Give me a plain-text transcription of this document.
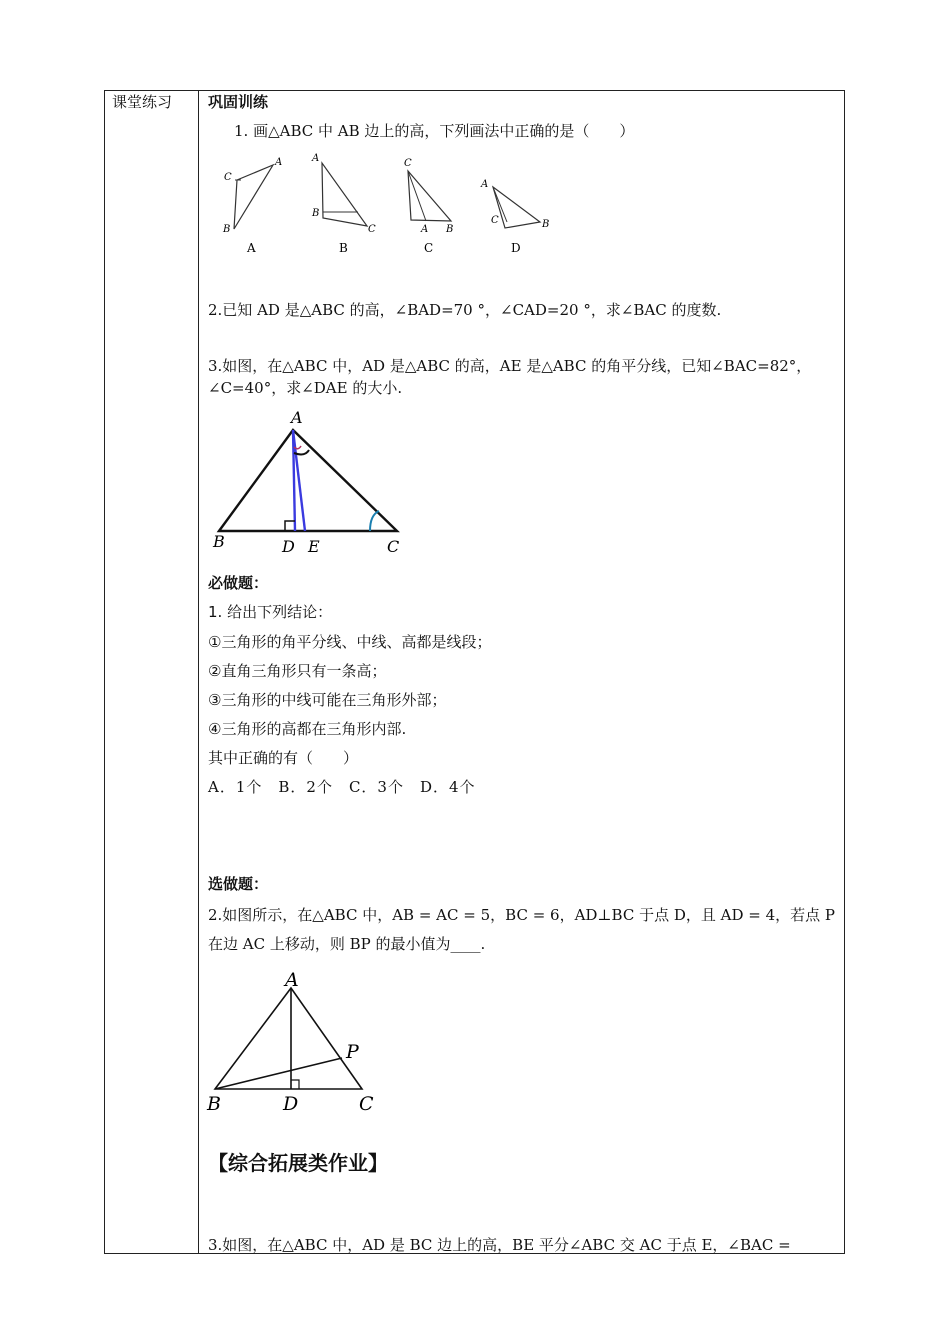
课堂练习 巩固训练
1. 画△ABC 中 AB 边上的高，下列画法中正确的是（　　）
B
C
A	A
B
C
C
A B
A
C	B
A	B	C	D
2.已知 AD 是△ABC 的高，∠BAD=70 °，∠CAD=20 °，求∠BAC 的度数.
3.如图，在△ABC 中，AD 是△ABC 的高，AE 是△ABC 的角平分线，已知∠BAC=82°，
∠C=40°，求∠DAE 的大小.
A
B	D E	C
必做题：
1. 给出下列结论：
①三角形的角平分线、中线、高都是线段；
②直角三角形只有一条高；
③三角形的中线可能在三角形外部；
④三角形的高都在三角形内部.
其中正确的有（　　）
A．1个　B．2个　C．3个　D．4个
选做题：
2.如图所示，在△ABC 中，AB = AC = 5，BC = 6，AD⊥BC 于点 D，且 AD = 4，若点 P
在边 AC 上移动，则 BP 的最小值为____.
A
B	D	C
P
【综合拓展类作业】
3.如图，在△ABC 中，AD 是 BC 边上的高，BE 平分∠ABC 交 AC 于点 E，∠BAC =
